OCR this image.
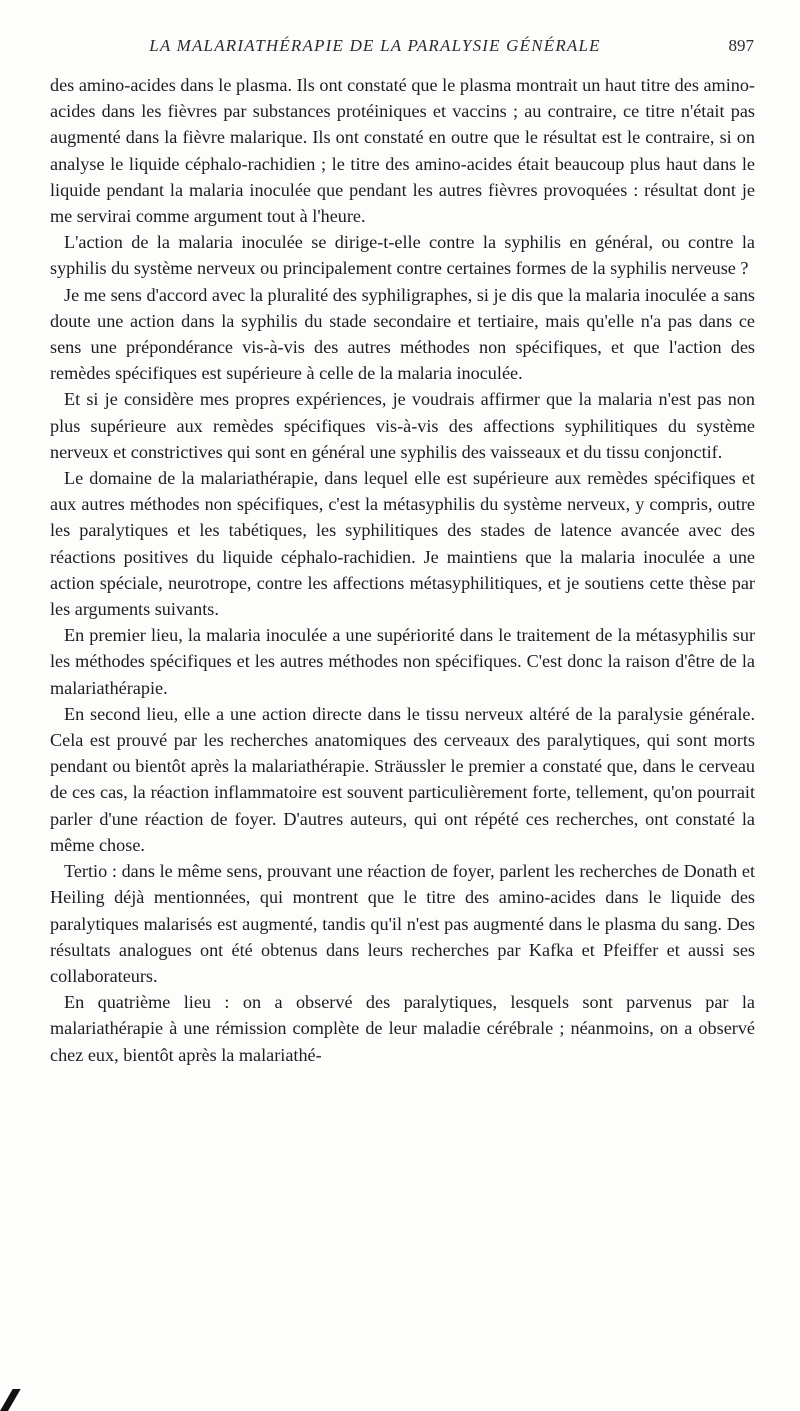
LA MALARIATHÉRAPIE DE LA PARALYSIE GÉNÉRALE	897

des amino-acides dans le plasma. Ils ont constaté que le plasma montrait un haut titre des amino-acides dans les fièvres par substances protéiniques et vaccins ; au contraire, ce titre n'était pas augmenté dans la fièvre malarique. Ils ont constaté en outre que le résultat est le contraire, si on analyse le liquide céphalo-rachidien ; le titre des amino-acides était beaucoup plus haut dans le liquide pendant la malaria inoculée que pendant les autres fièvres provoquées : résultat dont je me servirai comme argument tout à l'heure.

L'action de la malaria inoculée se dirige-t-elle contre la syphilis en général, ou contre la syphilis du système nerveux ou principalement contre certaines formes de la syphilis nerveuse ?

Je me sens d'accord avec la pluralité des syphiligraphes, si je dis que la malaria inoculée a sans doute une action dans la syphilis du stade secondaire et tertiaire, mais qu'elle n'a pas dans ce sens une prépondérance vis-à-vis des autres méthodes non spécifiques, et que l'action des remèdes spécifiques est supérieure à celle de la malaria inoculée.

Et si je considère mes propres expériences, je voudrais affirmer que la malaria n'est pas non plus supérieure aux remèdes spécifiques vis-à-vis des affections syphilitiques du système nerveux et constrictives qui sont en général une syphilis des vaisseaux et du tissu conjonctif.

Le domaine de la malariathérapie, dans lequel elle est supérieure aux remèdes spécifiques et aux autres méthodes non spécifiques, c'est la métasyphilis du système nerveux, y compris, outre les paralytiques et les tabétiques, les syphilitiques des stades de latence avancée avec des réactions positives du liquide céphalo-rachidien. Je maintiens que la malaria inoculée a une action spéciale, neurotrope, contre les affections métasyphilitiques, et je soutiens cette thèse par les arguments suivants.

En premier lieu, la malaria inoculée a une supériorité dans le traitement de la métasyphilis sur les méthodes spécifiques et les autres méthodes non spécifiques. C'est donc la raison d'être de la malariathérapie.

En second lieu, elle a une action directe dans le tissu nerveux altéré de la paralysie générale. Cela est prouvé par les recherches anatomiques des cerveaux des paralytiques, qui sont morts pendant ou bientôt après la malariathérapie. Sträussler le premier a constaté que, dans le cerveau de ces cas, la réaction inflammatoire est souvent particulièrement forte, tellement, qu'on pourrait parler d'une réaction de foyer. D'autres auteurs, qui ont répété ces recherches, ont constaté la même chose.

Tertio : dans le même sens, prouvant une réaction de foyer, parlent les recherches de Donath et Heiling déjà mentionnées, qui montrent que le titre des amino-acides dans le liquide des paralytiques malarisés est augmenté, tandis qu'il n'est pas augmenté dans le plasma du sang. Des résultats analogues ont été obtenus dans leurs recherches par Kafka et Pfeiffer et aussi ses collaborateurs.

En quatrième lieu : on a observé des paralytiques, lesquels sont parvenus par la malariathérapie à une rémission complète de leur maladie cérébrale ; néanmoins, on a observé chez eux, bientôt après la malariathé-
